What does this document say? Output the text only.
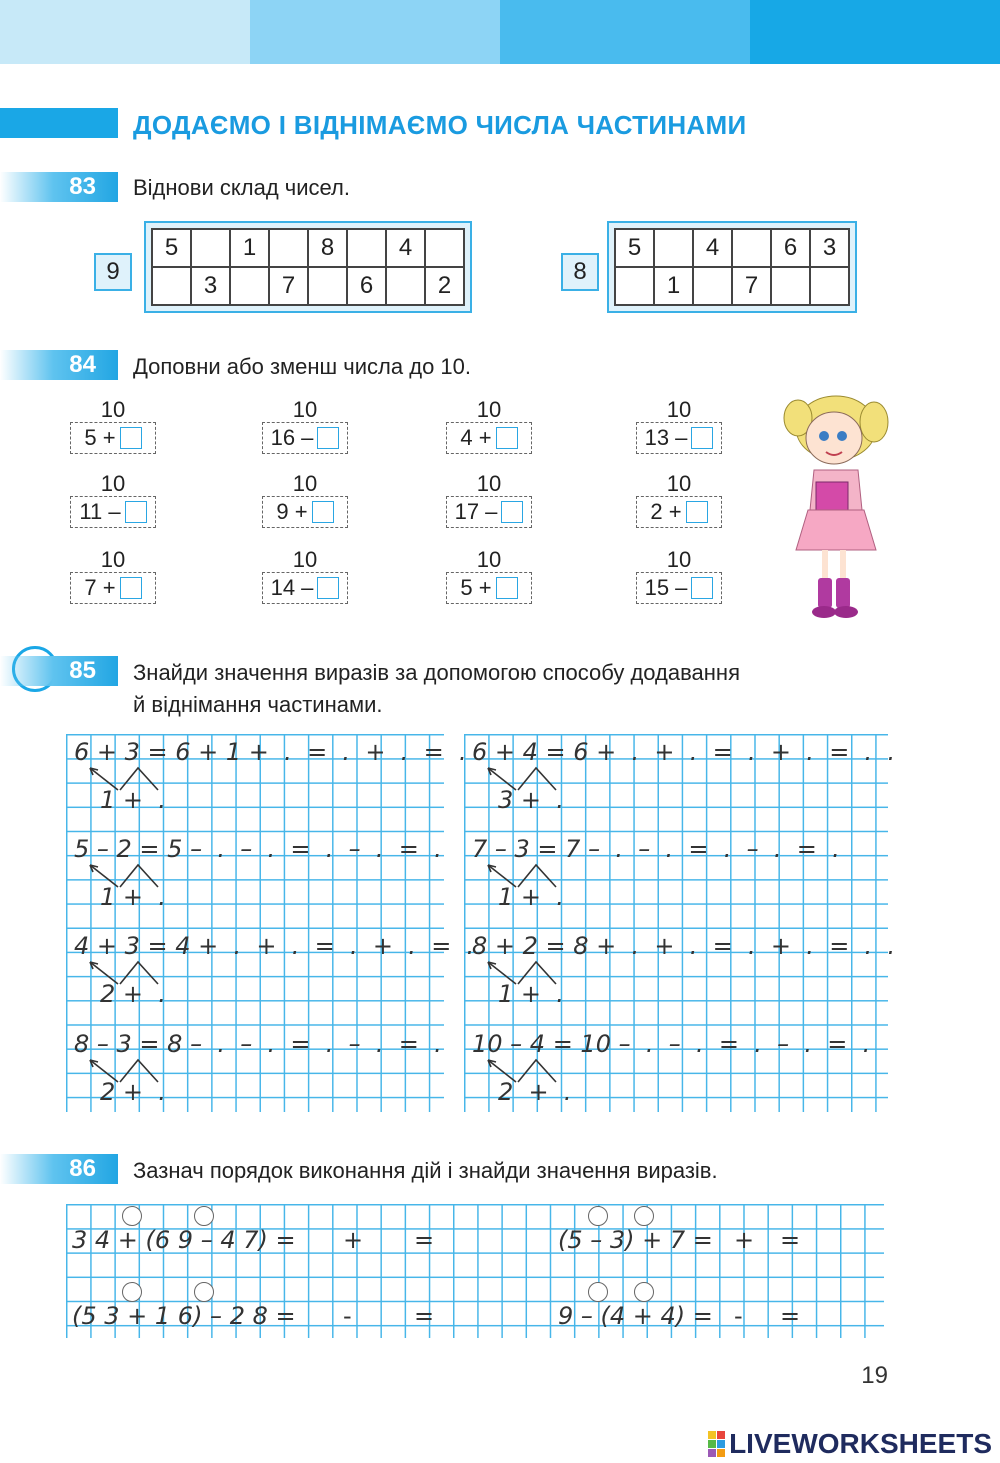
ДОДАЄМО І ВІДНІМАЄМО ЧИСЛА ЧАСТИНАМИ
83	Віднови склад чисел.
9
5		1		8		4	
	3		7		6		2
8
5		4		6	3
	1		7		
84	Доповни або зменш числа до 10.
10
5 +
10
16 –
10
4 +
10
13 –
10
11 –
10
9 +
10
17 –
10
2 +
10
7 +
10
14 –
10
5 +
10
15 –
85	Знайди значення виразів за допомогою способу додавання
й віднімання частинами.
6 + 3 = 6 + 1 +  .  =  .  +  .  =  .
1 +  .
5 – 2 = 5 –  .  –  .  =  .  –  .  =  .
1 +  .
4 + 3 = 4 +  .  +  .  =  .  +  .  =  .
2 +  .
8 – 3 = 8 –  .  –  .  =  .  –  .  =  .
2 +  .
6 + 4 = 6 +  .  +  .  =  .  +  .  =  .  .
3 +  .
7 – 3 = 7 –  .  –  .  =  .  –  .  =  .
1 +  .
8 + 2 = 8 +  .  +  .  =  .  +  .  =  .  .
1 +  .
10 – 4 = 10 –  .  –  .  =  .  –  .  =  .
2  +  .
86	Зазнач порядок виконання дій і знайди значення виразів.
3 4 + (6 9 – 4 7) = + =	(5 – 3) + 7 = + =
(5 3 + 1 6) – 2 8 = -	=	9 – (4 + 4) = - =
19
LIVEWORKSHEETS
